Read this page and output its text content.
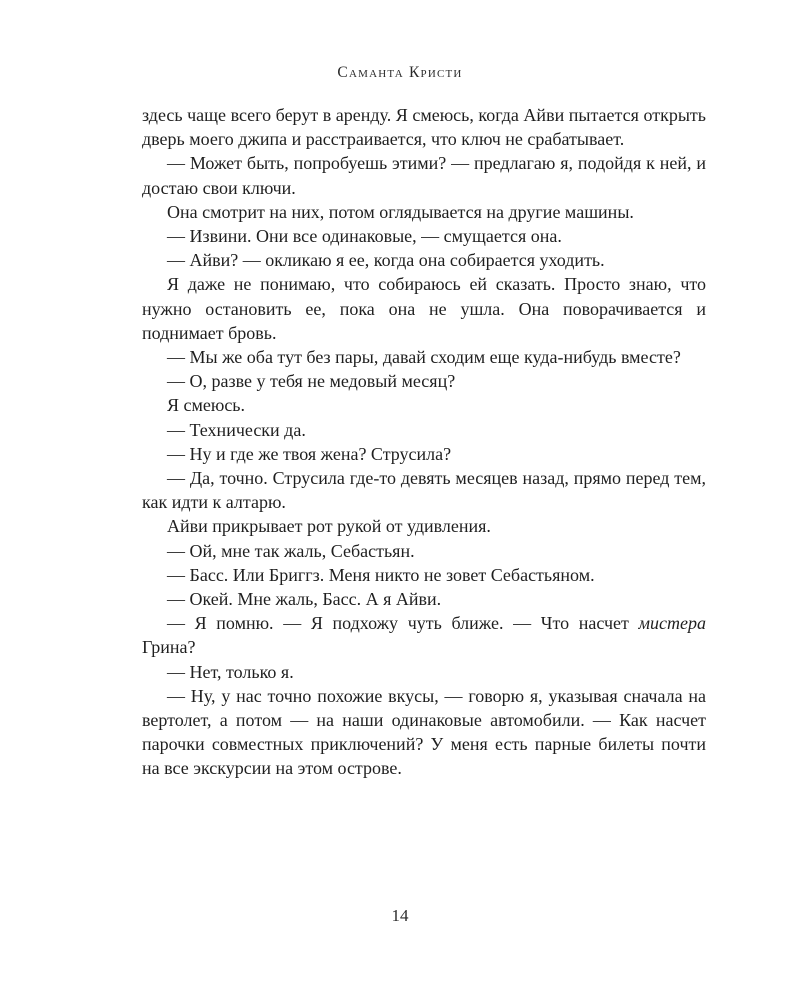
Саманта Кристи

здесь чаще всего берут в аренду. Я смеюсь, когда Айви пытается открыть дверь моего джипа и расстраивается, что ключ не срабатывает.

— Может быть, попробуешь этими? — предлагаю я, подойдя к ней, и достаю свои ключи.

Она смотрит на них, потом оглядывается на другие машины.

— Извини. Они все одинаковые, — смущается она.

— Айви? — окликаю я ее, когда она собирается уходить.

Я даже не понимаю, что собираюсь ей сказать. Просто знаю, что нужно остановить ее, пока она не ушла. Она поворачивается и поднимает бровь.

— Мы же оба тут без пары, давай сходим еще куда-нибудь вместе?

— О, разве у тебя не медовый месяц?

Я смеюсь.

— Технически да.

— Ну и где же твоя жена? Струсила?

— Да, точно. Струсила где-то девять месяцев назад, прямо перед тем, как идти к алтарю.

Айви прикрывает рот рукой от удивления.

— Ой, мне так жаль, Себастьян.

— Басс. Или Бриггз. Меня никто не зовет Себастьяном.

— Окей. Мне жаль, Басс. А я Айви.

— Я помню. — Я подхожу чуть ближе. — Что насчет мистера Грина?

— Нет, только я.

— Ну, у нас точно похожие вкусы, — говорю я, указывая сначала на вертолет, а потом — на наши одинаковые автомобили. — Как насчет парочки совместных приключений? У меня есть парные билеты почти на все экскурсии на этом острове.

14
